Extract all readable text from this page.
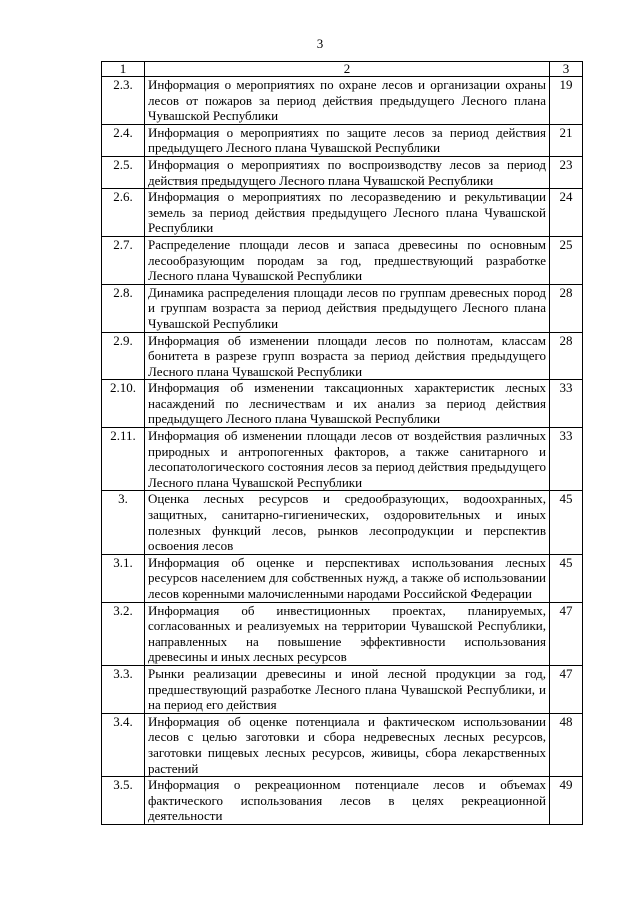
3
1	2	3
2.3.	Информация о мероприятиях по охране лесов и организации охраны лесов от пожаров за период действия предыдущего Лесного плана Чувашской Республики	19
2.4.	Информация о мероприятиях по защите лесов за период действия предыдущего Лесного плана Чувашской Республики	21
2.5.	Информация о мероприятиях по воспроизводству лесов за период действия предыдущего Лесного плана Чувашской Республики	23
2.6.	Информация о мероприятиях по лесоразведению и рекультивации земель за период действия предыдущего Лесного плана Чувашской Республики	24
2.7.	Распределение площади лесов и запаса древесины по основным лесообразующим породам за год, предшествующий разработке Лесного плана Чувашской Республики	25
2.8.	Динамика распределения площади лесов по группам древесных пород и группам возраста за период действия предыдущего Лесного плана Чувашской Республики	28
2.9.	Информация об изменении площади лесов по полнотам, классам бонитета в разрезе групп возраста за период действия предыдущего Лесного плана Чувашской Республики	28
2.10.	Информация об изменении таксационных характеристик лесных насаждений по лесничествам и их анализ за период действия предыдущего Лесного плана Чувашской Республики	33
2.11.	Информация об изменении площади лесов от воздействия различных природных и антропогенных факторов, а также санитарного и лесопатологического состояния лесов за период действия предыдущего Лесного плана Чувашской Республики	33
3.	Оценка лесных ресурсов и средообразующих, водоохранных, защитных, санитарно-гигиенических, оздоровительных и иных полезных функций лесов, рынков лесопродукции и перспектив освоения лесов	45
3.1.	Информация об оценке и перспективах использования лесных ресурсов населением для собственных нужд, а также об использовании лесов коренными малочисленными народами Российской Федерации	45
3.2.	Информация об инвестиционных проектах, планируемых, согласованных и реализуемых на территории Чувашской Республики, направленных на повышение эффективности использования древесины и иных лесных ресурсов	47
3.3.	Рынки реализации древесины и иной лесной продукции за год, предшествующий разработке Лесного плана Чувашской Республики, и на период его действия	47
3.4.	Информация об оценке потенциала и фактическом использовании лесов с целью заготовки и сбора недревесных лесных ресурсов, заготовки пищевых лесных ресурсов, живицы, сбора лекарственных растений	48
3.5.	Информация о рекреационном потенциале лесов и объемах фактического использования лесов в целях рекреационной деятельности	49
